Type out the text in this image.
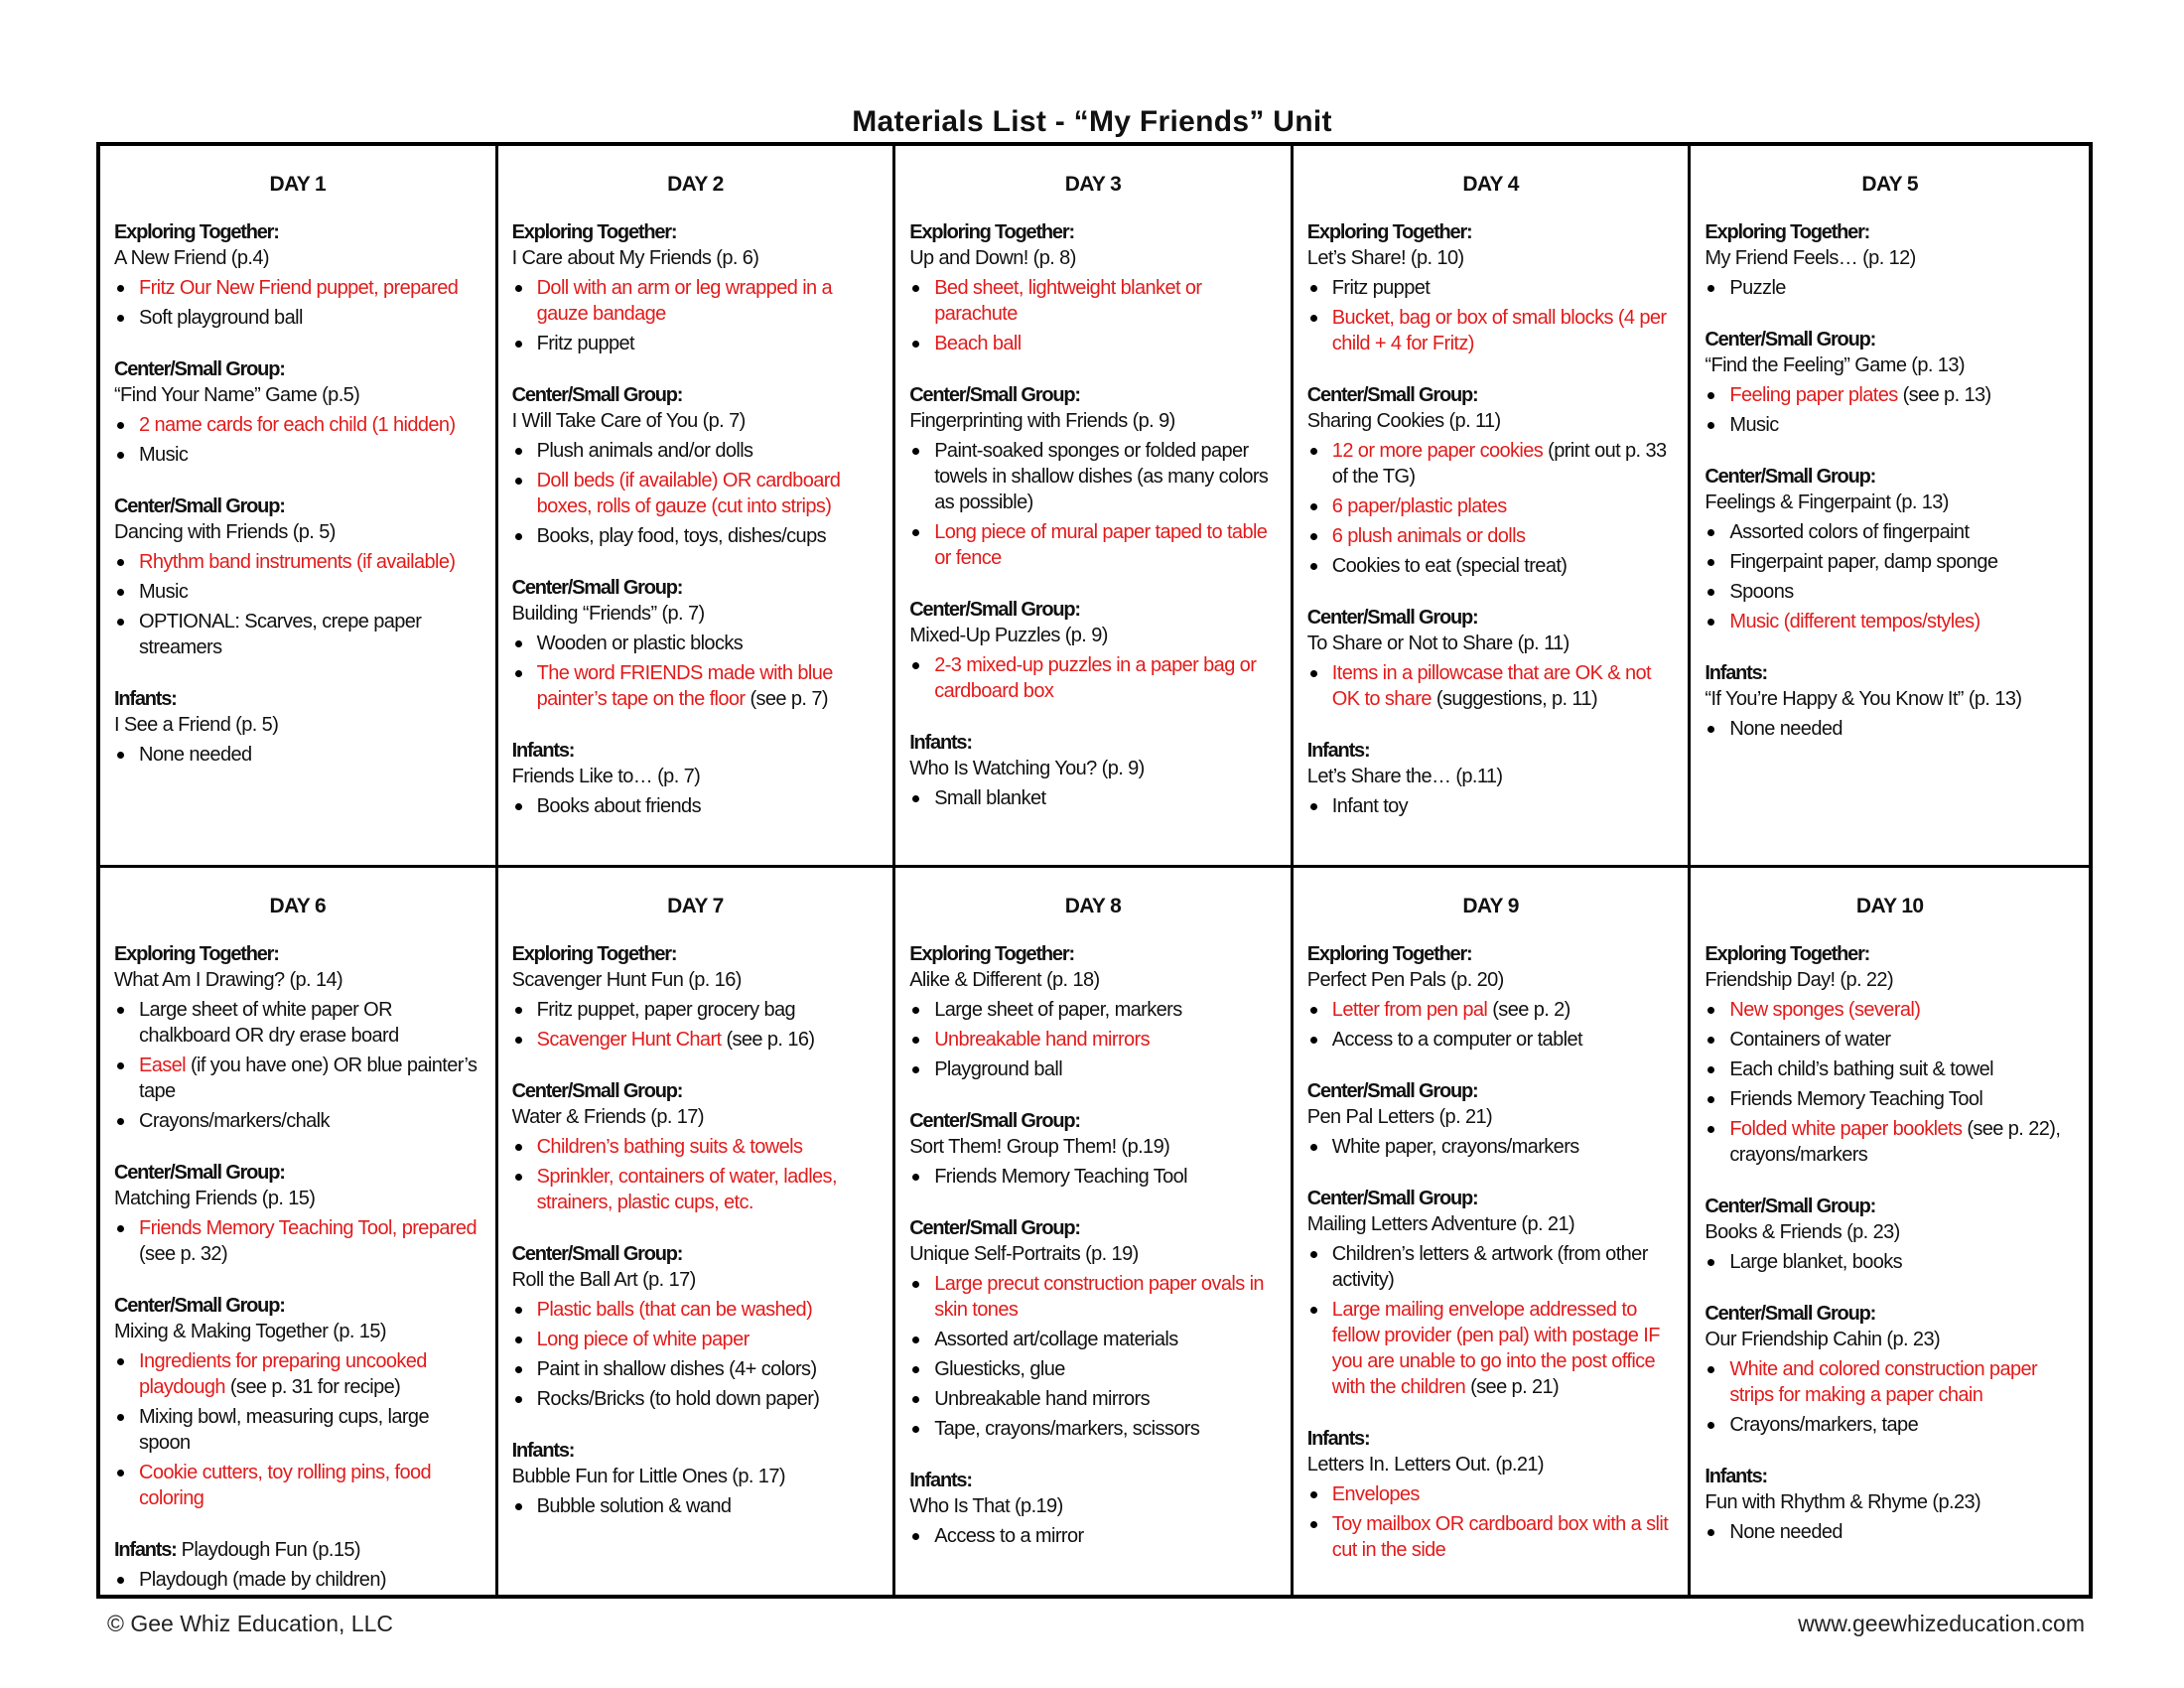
Materials List - “My Friends” Unit
DAY 1
Exploring Together:
A New Friend (p.4)
Fritz Our New Friend puppet, prepared
Soft playground ball
Center/Small Group:
“Find Your Name” Game (p.5)
2 name cards for each child (1 hidden)
Music
Center/Small Group:
Dancing with Friends (p. 5)
Rhythm band instruments (if available)
Music
OPTIONAL: Scarves, crepe paper streamers
Infants:
I See a Friend (p. 5)
None needed
DAY 2
Exploring Together:
I Care about My Friends (p. 6)
Doll with an arm or leg wrapped in a gauze bandage
Fritz puppet
Center/Small Group:
I Will Take Care of You (p. 7)
Plush animals and/or dolls
Doll beds (if available) OR cardboard boxes, rolls of gauze (cut into strips)
Books, play food, toys, dishes/cups
Center/Small Group:
Building “Friends” (p. 7)
Wooden or plastic blocks
The word FRIENDS made with blue painter’s tape on the floor (see p. 7)
Infants:
Friends Like to… (p. 7)
Books about friends
DAY 3
Exploring Together:
Up and Down! (p. 8)
Bed sheet, lightweight blanket or parachute
Beach ball
Center/Small Group:
Fingerprinting with Friends (p. 9)
Paint-soaked sponges or folded paper towels in shallow dishes (as many colors as possible)
Long piece of mural paper taped to table or fence
Center/Small Group:
Mixed-Up Puzzles (p. 9)
2-3 mixed-up puzzles in a paper bag or cardboard box
Infants:
Who Is Watching You? (p. 9)
Small blanket
DAY 4
Exploring Together:
Let’s Share! (p. 10)
Fritz puppet
Bucket, bag or box of small blocks (4 per child + 4 for Fritz)
Center/Small Group:
Sharing Cookies (p. 11)
12 or more paper cookies (print out p. 33 of the TG)
6 paper/plastic plates
6 plush animals or dolls
Cookies to eat (special treat)
Center/Small Group:
To Share or Not to Share (p. 11)
Items in a pillowcase that are OK & not OK to share (suggestions, p. 11)
Infants:
Let’s Share the… (p.11)
Infant toy
DAY 5
Exploring Together:
My Friend Feels… (p. 12)
Puzzle
Center/Small Group:
“Find the Feeling” Game (p. 13)
Feeling paper plates (see p. 13)
Music
Center/Small Group:
Feelings & Fingerpaint (p. 13)
Assorted colors of fingerpaint
Fingerpaint paper, damp sponge
Spoons
Music (different tempos/styles)
Infants:
“If You’re Happy & You Know It” (p. 13)
None needed
DAY 6
Exploring Together:
What Am I Drawing? (p. 14)
Large sheet of white paper OR chalkboard OR dry erase board
Easel (if you have one) OR blue painter’s tape
Crayons/markers/chalk
Center/Small Group:
Matching Friends (p. 15)
Friends Memory Teaching Tool, prepared (see p. 32)
Center/Small Group:
Mixing & Making Together (p. 15)
Ingredients for preparing uncooked playdough (see p. 31 for recipe)
Mixing bowl, measuring cups, large spoon
Cookie cutters, toy rolling pins, food coloring
Infants: Playdough Fun (p.15)
Playdough (made by children)
DAY 7
Exploring Together:
Scavenger Hunt Fun (p. 16)
Fritz puppet, paper grocery bag
Scavenger Hunt Chart (see p. 16)
Center/Small Group:
Water & Friends (p. 17)
Children’s bathing suits & towels
Sprinkler, containers of water, ladles, strainers, plastic cups, etc.
Center/Small Group:
Roll the Ball Art (p. 17)
Plastic balls (that can be washed)
Long piece of white paper
Paint in shallow dishes (4+ colors)
Rocks/Bricks (to hold down paper)
Infants:
Bubble Fun for Little Ones (p. 17)
Bubble solution & wand
DAY 8
Exploring Together:
Alike & Different (p. 18)
Large sheet of paper, markers
Unbreakable hand mirrors
Playground ball
Center/Small Group:
Sort Them! Group Them! (p.19)
Friends Memory Teaching Tool
Center/Small Group:
Unique Self-Portraits (p. 19)
Large precut construction paper ovals in skin tones
Assorted art/collage materials
Gluesticks, glue
Unbreakable hand mirrors
Tape, crayons/markers, scissors
Infants:
Who Is That (p.19)
Access to a mirror
DAY 9
Exploring Together:
Perfect Pen Pals (p. 20)
Letter from pen pal (see p. 2)
Access to a computer or tablet
Center/Small Group:
Pen Pal Letters (p. 21)
White paper, crayons/markers
Center/Small Group:
Mailing Letters Adventure (p. 21)
Children’s letters & artwork (from other activity)
Large mailing envelope addressed to fellow provider (pen pal) with postage IF you are unable to go into the post office with the children (see p. 21)
Infants:
Letters In. Letters Out. (p.21)
Envelopes
Toy mailbox OR cardboard box with a slit cut in the side
DAY 10
Exploring Together:
Friendship Day! (p. 22)
New sponges (several)
Containers of water
Each child’s bathing suit & towel
Friends Memory Teaching Tool
Folded white paper booklets (see p. 22), crayons/markers
Center/Small Group:
Books & Friends (p. 23)
Large blanket, books
Center/Small Group:
Our Friendship Cahin (p. 23)
White and colored construction paper strips for making a paper chain
Crayons/markers, tape
Infants:
Fun with Rhythm & Rhyme (p.23)
None needed
© Gee Whiz Education, LLC	www.geewhizeducation.com
